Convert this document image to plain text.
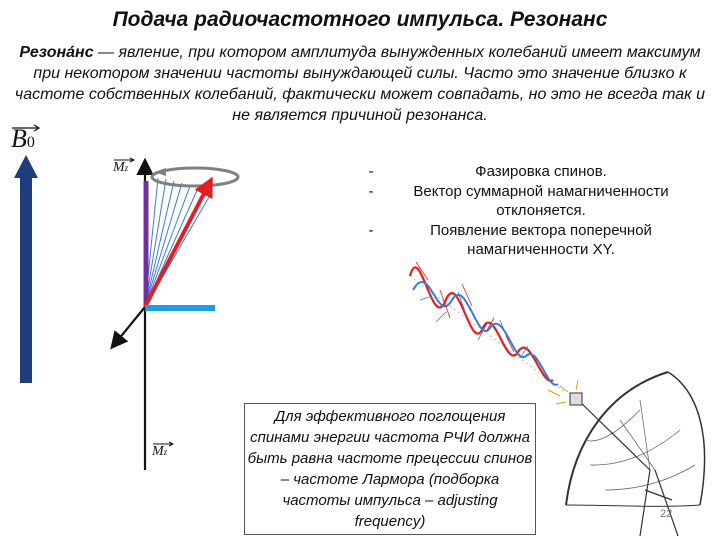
Подача радиочастотного импульса. Резонанс
Резона́нс — явление, при котором амплитуда вынужденных колебаний имеет максимум при некотором значении частоты вынуждающей силы. Часто это значение близко к частоте собственных колебаний, фактически может совпадать, но это не всегда так и не является причиной резонанса.
B0
Mz
Mz
-	Фазировка спинов.
-	Вектор суммарной намагниченности отклоняется.
-	Появление вектора поперечной намагниченности XY.
Для эффективного поглощения спинами энергии частота РЧИ должна быть равна частоте прецессии спинов – частоте Лармора (подборка частоты импульса – adjusting frequency)	22
